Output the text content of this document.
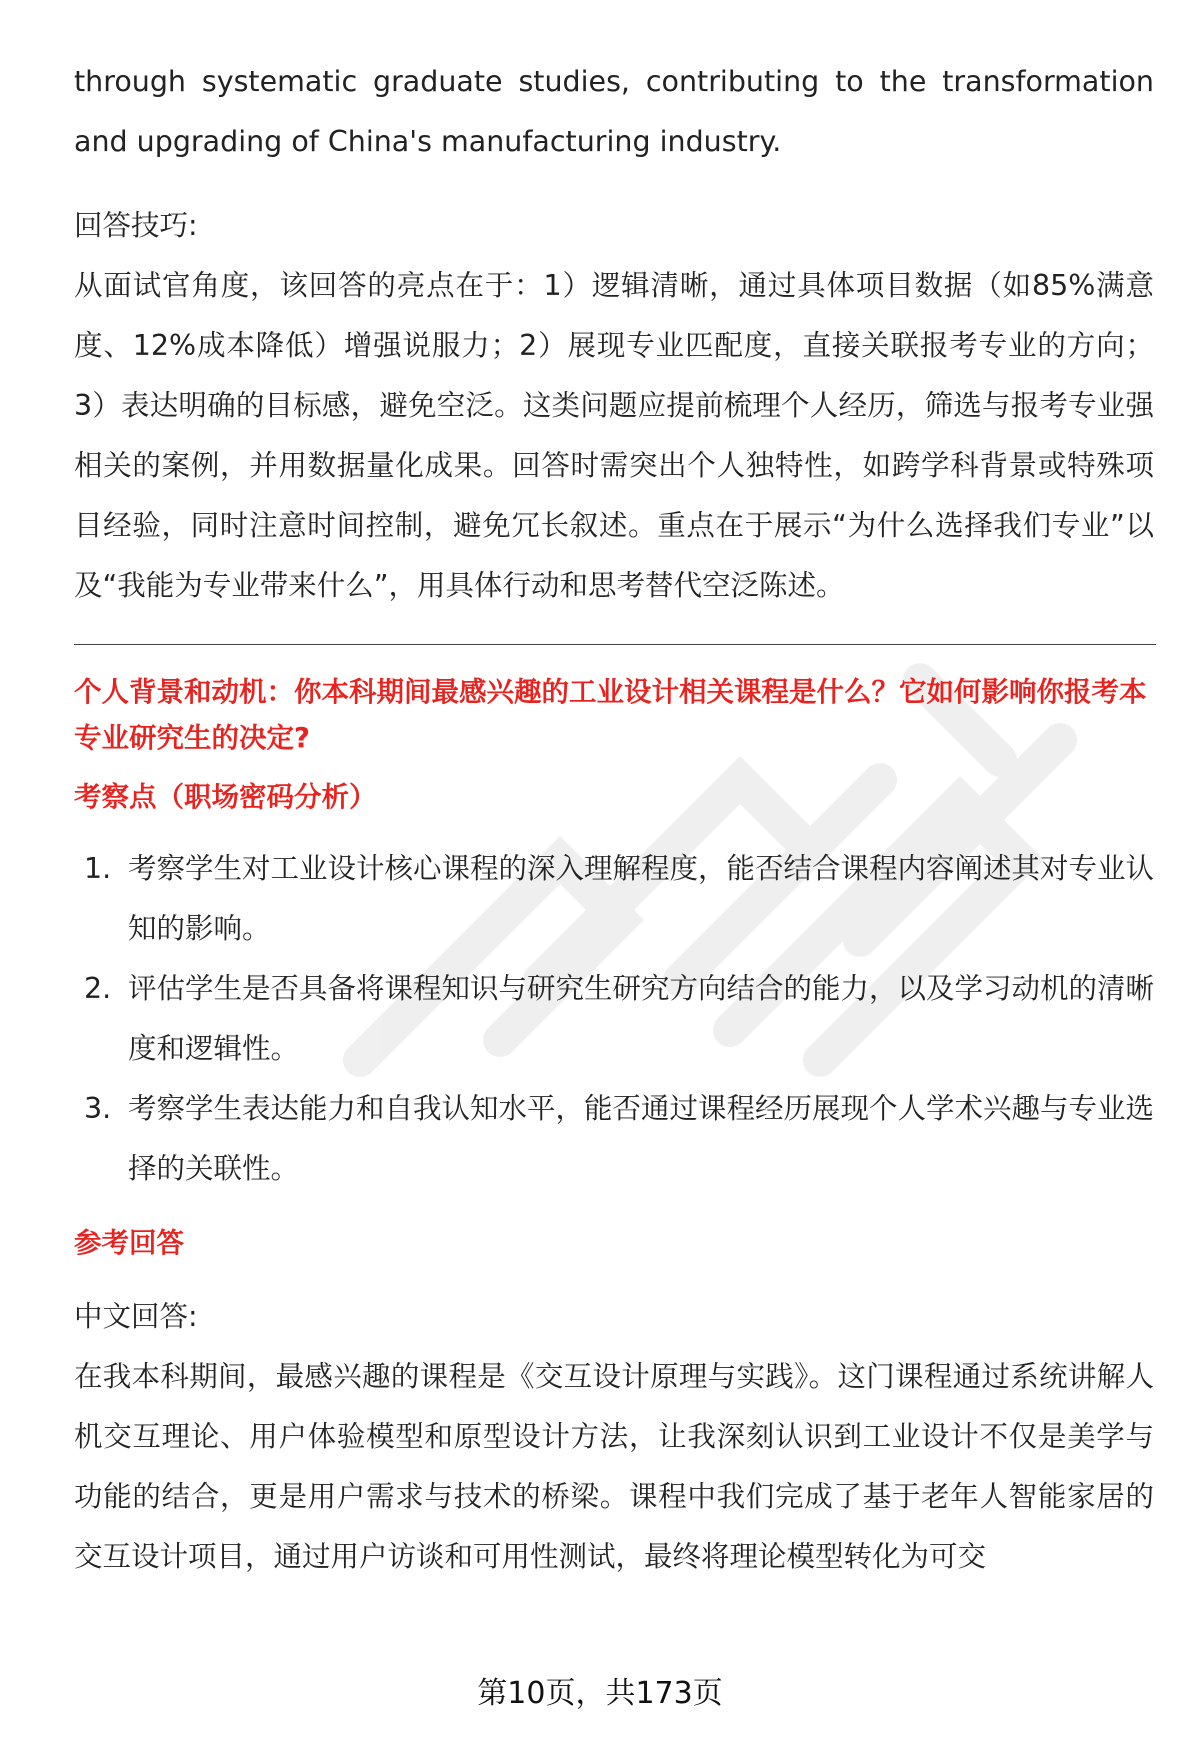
through systematic graduate studies, contributing to the transformation and upgrading of China's manufacturing industry.

回答技巧:

从面试官角度，该回答的亮点在于：1）逻辑清晰，通过具体项目数据（如85%满意度、12%成本降低）增强说服力；2）展现专业匹配度，直接关联报考专业的方向；3）表达明确的目标感，避免空泛。这类问题应提前梳理个人经历，筛选与报考专业强相关的案例，并用数据量化成果。回答时需突出个人独特性，如跨学科背景或特殊项目经验，同时注意时间控制，避免冗长叙述。重点在于展示“为什么选择我们专业”以及“我能为专业带来什么”，用具体行动和思考替代空泛陈述。

个人背景和动机：你本科期间最感兴趣的工业设计相关课程是什么？它如何影响你报考本专业研究生的决定?

考察点（职场密码分析）

1. 考察学生对工业设计核心课程的深入理解程度，能否结合课程内容阐述其对专业认知的影响。
2. 评估学生是否具备将课程知识与研究生研究方向结合的能力，以及学习动机的清晰度和逻辑性。
3. 考察学生表达能力和自我认知水平，能否通过课程经历展现个人学术兴趣与专业选择的关联性。

参考回答

中文回答:

在我本科期间，最感兴趣的课程是《交互设计原理与实践》。这门课程通过系统讲解人机交互理论、用户体验模型和原型设计方法，让我深刻认识到工业设计不仅是美学与功能的结合，更是用户需求与技术的桥梁。课程中我们完成了基于老年人智能家居的交互设计项目，通过用户访谈和可用性测试，最终将理论模型转化为可交

第10页，共173页
